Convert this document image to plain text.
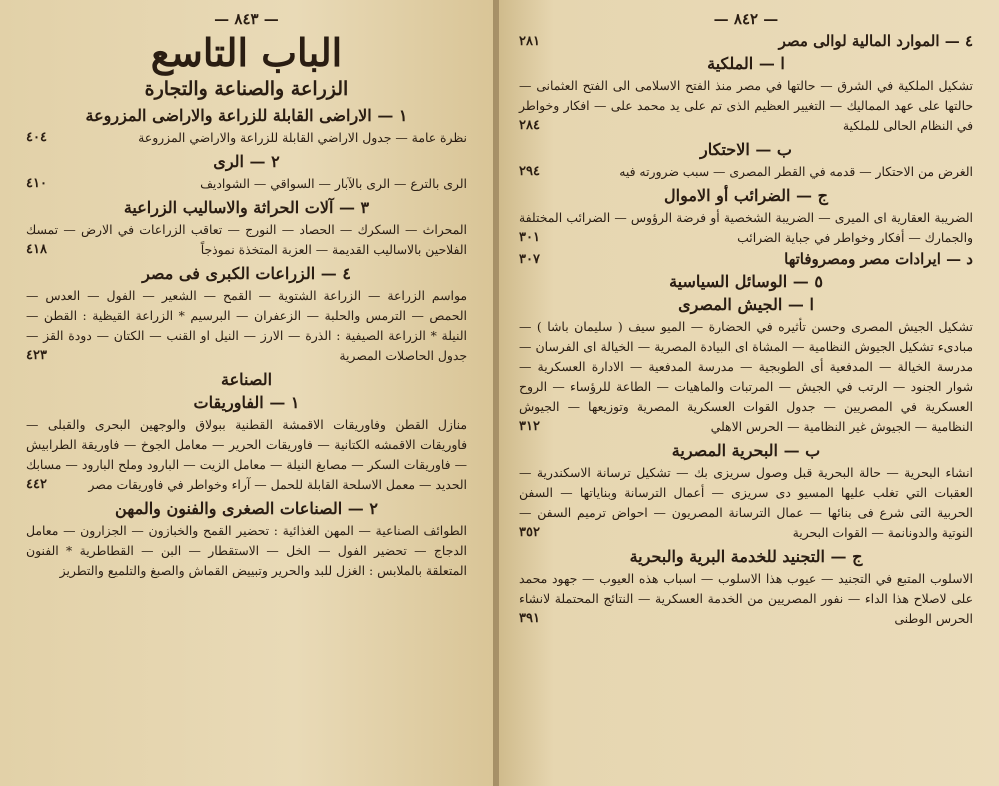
— ٨٤٣ —
الباب التاسع
الزراعة والصناعة والتجارة
١ — الاراضى القابلة للزراعة والاراضى المزروعة

نظرة عامة — جدول الاراضي القابلة للزراعة والاراضي المزروعة
٤٠٤

٢ — الرى

الرى بالترع — الرى بالآبار — السواقي — الشواديف
٤١٠

٣ — آلات الحراثة والاساليب الزراعية

المحراث — السكرك — الحصاد — النورج — تعاقب الزراعات في الارض — تمسك الفلاحين بالاساليب القديمة — العزبة المتخذة نموذجاً
٤١٨

٤ — الزراعات الكبرى فى مصر

مواسم الزراعة — الزراعة الشتوية — القمح — الشعير — الفول — العدس — الحمص — الترمس والحلبة — الزعفران — البرسيم * الزراعة القيظية : القطن — النيلة * الزراعة الصيفية : الذرة — الارز — النيل او القنب — الكتان — دودة القز — جدول الحاصلات المصرية
٤٢٣

الصناعة
١ — الفاوريقات

منازل القطن وفاوريقات الاقمشة القطنية ببولاق والوجهين البحرى والقبلى — فاوريقات الاقمشه الكتانية — فاوريقات الحرير — معامل الجوخ — فاوريقة الطرابيش — فاوريقات السكر — مصابغ النيلة — معامل الزيت — البارود وملح البارود — مسابك الحديد — معمل الاسلحة القابلة للحمل — آراء وخواطر في فاوريقات مصر
٤٤٢

٢ — الصناعات الصغرى والفنون والمهن

الطوائف الصناعية — المهن الغذائية : تحضير القمح والخبازون — الجزارون — معامل الدجاج — تحضير الفول — الخل — الاستقطار — البن — القطاطرية * الفنون المتعلقة بالملابس : الغزل للبد والحرير وتبييض القماش والصبغ والتلميع والتطريز

— ٨٤٢ —
٤ — الموارد المالية لوالى مصر
٢٨١
ا — الملكية

تشكيل الملكية في الشرق — حالتها في مصر منذ الفتح الاسلامى الى الفتح العثمانى — حالتها على عهد المماليك — التغيير العظيم الذى تم على يد محمد على — افكار وخواطر في النظام الحالى للملكية
٢٨٤

ب — الاحتكار

الغرض من الاحتكار — قدمه في القطر المصرى — سبب ضرورته فيه
٢٩٤

ج — الضرائب أو الاموال

الضريبة العقارية اى الميرى — الضريبة الشخصية أو فرضة الرؤوس — الضرائب المختلفة والجمارك — أفكار وخواطر في جباية الضرائب
٣٠١

د — ايرادات مصر ومصروفاتها
٣٠٧
٥ — الوسائل السياسية
ا — الجيش المصرى

تشكيل الجيش المصرى وحسن تأثيره في الحضارة — الميو سيف ( سليمان باشا ) — مبادىء تشكيل الجيوش النظامية — المشاة اى البيادة المصرية — الخيالة اى الفرسان — مدرسة الخيالة — المدفعية أى الطوبجية — مدرسة المدفعية — الادارة العسكرية — شوار الجنود — الرتب في الجيش — المرتبات والماهيات — الطاعة للرؤساء — الروح العسكرية في المصريين — جدول القوات العسكرية المصرية وتوزيعها — الجيوش النظامية — الجيوش غير النظامية — الحرس الاهلي
٣١٢

ب — البحرية المصرية

انشاء البحرية — حالة البحرية قبل وصول سريزى بك — تشكيل ترسانة الاسكندرية — العقبات التي تغلب عليها المسيو دى سريزى — أعمال الترسانة وبناياتها — السفن الحربية التى شرع فى بنائها — عمال الترسانة المصريون — احواض ترميم السفن — النوتية والدونانمة — القوات البحرية
٣٥٢

ج — التجنيد للخدمة البرية والبحرية

الاسلوب المتبع في التجنيد — عيوب هذا الاسلوب — اسباب هذه العيوب — جهود محمد على لاصلاح هذا الداء — نفور المصريين من الخدمة العسكرية — النتائج المحتملة لانشاء الحرس الوطنى
٣٩١
